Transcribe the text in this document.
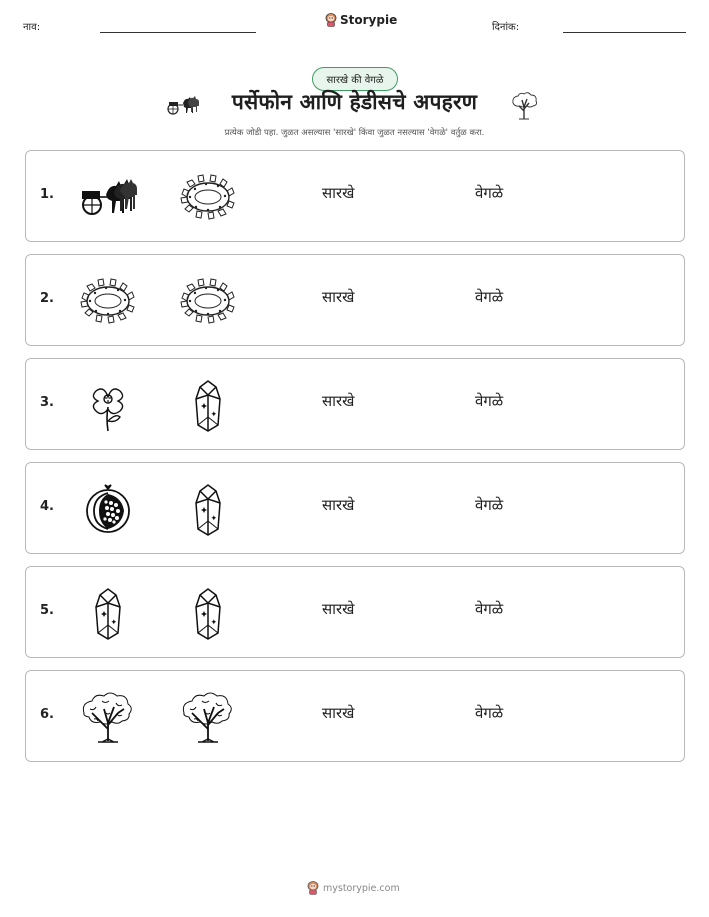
नाव:
Storypie
दिनांक:
सारखे की वेगळे
पर्सेफोन आणि हेडीसचे अपहरण
प्रत्येक जोडी पहा. जुळत असल्यास 'सारखे' किंवा जुळत नसल्यास 'वेगळे' वर्तुळ करा.
1.	सारखे	वेगळे
2.	सारखे	वेगळे
3.	सारखे	वेगळे
4.	सारखे	वेगळे
5.	सारखे	वेगळे
6.	सारखे	वेगळे
mystorypie.com
